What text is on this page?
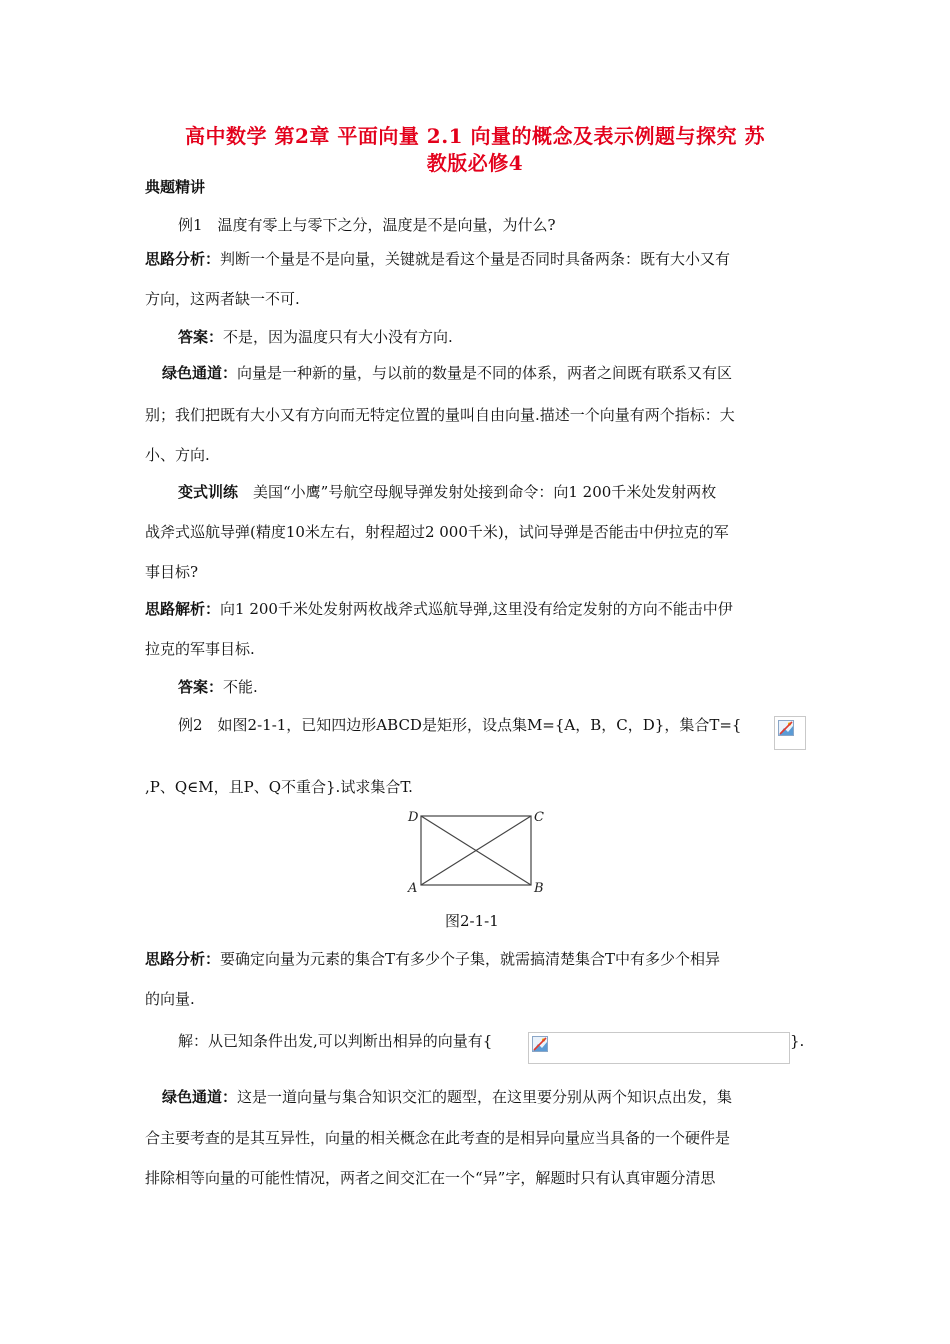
高中数学 第2章 平面向量 2.1 向量的概念及表示例题与探究 苏
教版必修4
典题精讲
例1　温度有零上与零下之分，温度是不是向量，为什么?
思路分析：判断一个量是不是向量，关键就是看这个量是否同时具备两条：既有大小又有
方向，这两者缺一不可.
答案：不是，因为温度只有大小没有方向.
绿色通道：向量是一种新的量，与以前的数量是不同的体系，两者之间既有联系又有区
别；我们把既有大小又有方向而无特定位置的量叫自由向量.描述一个向量有两个指标：大
小、方向.
变式训练　美国“小鹰”号航空母舰导弹发射处接到命令：向1 200千米处发射两枚
战斧式巡航导弹(精度10米左右，射程超过2 000千米)，试问导弹是否能击中伊拉克的军
事目标?
思路解析：向1 200千米处发射两枚战斧式巡航导弹,这里没有给定发射的方向不能击中伊
拉克的军事目标.
答案：不能.
例2　如图2-1-1，已知四边形ABCD是矩形，设点集M={A，B，C，D}，集合T={
,P、Q∈M，且P、Q不重合}.试求集合T.
D	C
A	B
图2-1-1
思路分析：要确定向量为元素的集合T有多少个子集，就需搞清楚集合T中有多少个相异
的向量.
解：从已知条件出发,可以判断出相异的向量有{	}.
绿色通道：这是一道向量与集合知识交汇的题型，在这里要分别从两个知识点出发，集
合主要考查的是其互异性，向量的相关概念在此考查的是相异向量应当具备的一个硬件是
排除相等向量的可能性情况，两者之间交汇在一个“异”字，解题时只有认真审题分清思
